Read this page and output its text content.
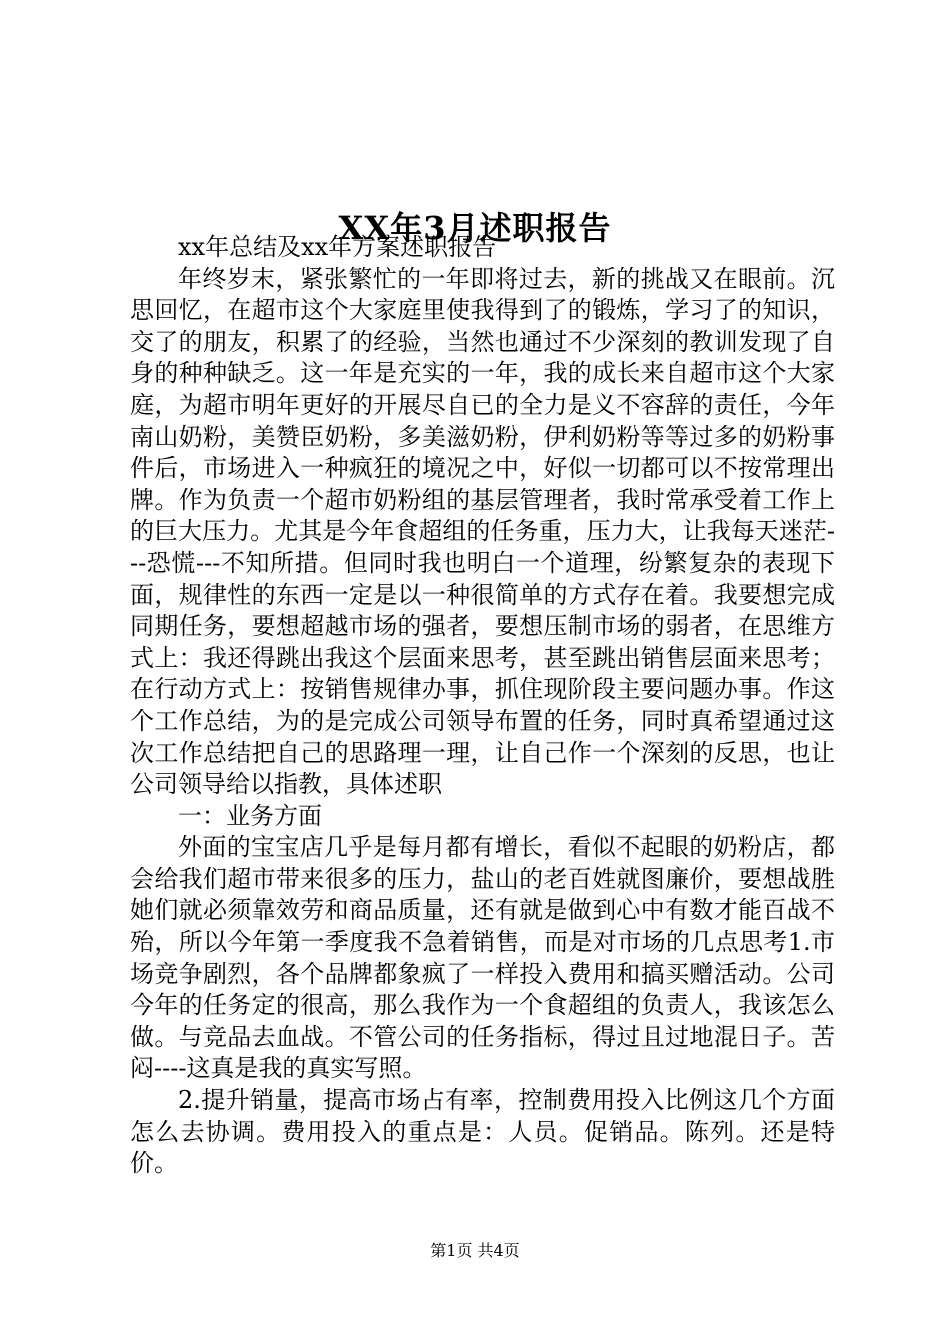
XX年3月述职报告

xx年总结及xx年方案述职报告

年终岁末，紧张繁忙的一年即将过去，新的挑战又在眼前。沉思回忆，在超市这个大家庭里使我得到了的锻炼，学习了的知识，交了的朋友，积累了的经验，当然也通过不少深刻的教训发现了自身的种种缺乏。这一年是充实的一年，我的成长来自超市这个大家庭，为超市明年更好的开展尽自已的全力是义不容辞的责任，今年南山奶粉，美赞臣奶粉，多美滋奶粉，伊利奶粉等等过多的奶粉事件后，市场进入一种疯狂的境况之中，好似一切都可以不按常理出牌。作为负责一个超市奶粉组的基层管理者，我时常承受着工作上的巨大压力。尤其是今年食超组的任务重，压力大，让我每天迷茫---恐慌---不知所措。但同时我也明白一个道理，纷繁复杂的表现下面，规律性的东西一定是以一种很简单的方式存在着。我要想完成同期任务，要想超越市场的强者，要想压制市场的弱者，在思维方式上：我还得跳出我这个层面来思考，甚至跳出销售层面来思考；在行动方式上：按销售规律办事，抓住现阶段主要问题办事。作这个工作总结，为的是完成公司领导布置的任务，同时真希望通过这次工作总结把自己的思路理一理，让自己作一个深刻的反思，也让公司领导给以指教，具体述职

一：业务方面

外面的宝宝店几乎是每月都有增长，看似不起眼的奶粉店，都会给我们超市带来很多的压力，盐山的老百姓就图廉价，要想战胜她们就必须靠效劳和商品质量，还有就是做到心中有数才能百战不殆，所以今年第一季度我不急着销售，而是对市场的几点思考1.市场竞争剧烈，各个品牌都象疯了一样投入费用和搞买赠活动。公司今年的任务定的很高，那么我作为一个食超组的负责人，我该怎么做。与竞品去血战。不管公司的任务指标，得过且过地混日子。苦闷----这真是我的真实写照。

2.提升销量，提高市场占有率，控制费用投入比例这几个方面怎么去协调。费用投入的重点是：人员。促销品。陈列。还是特价。

第1页 共4页
